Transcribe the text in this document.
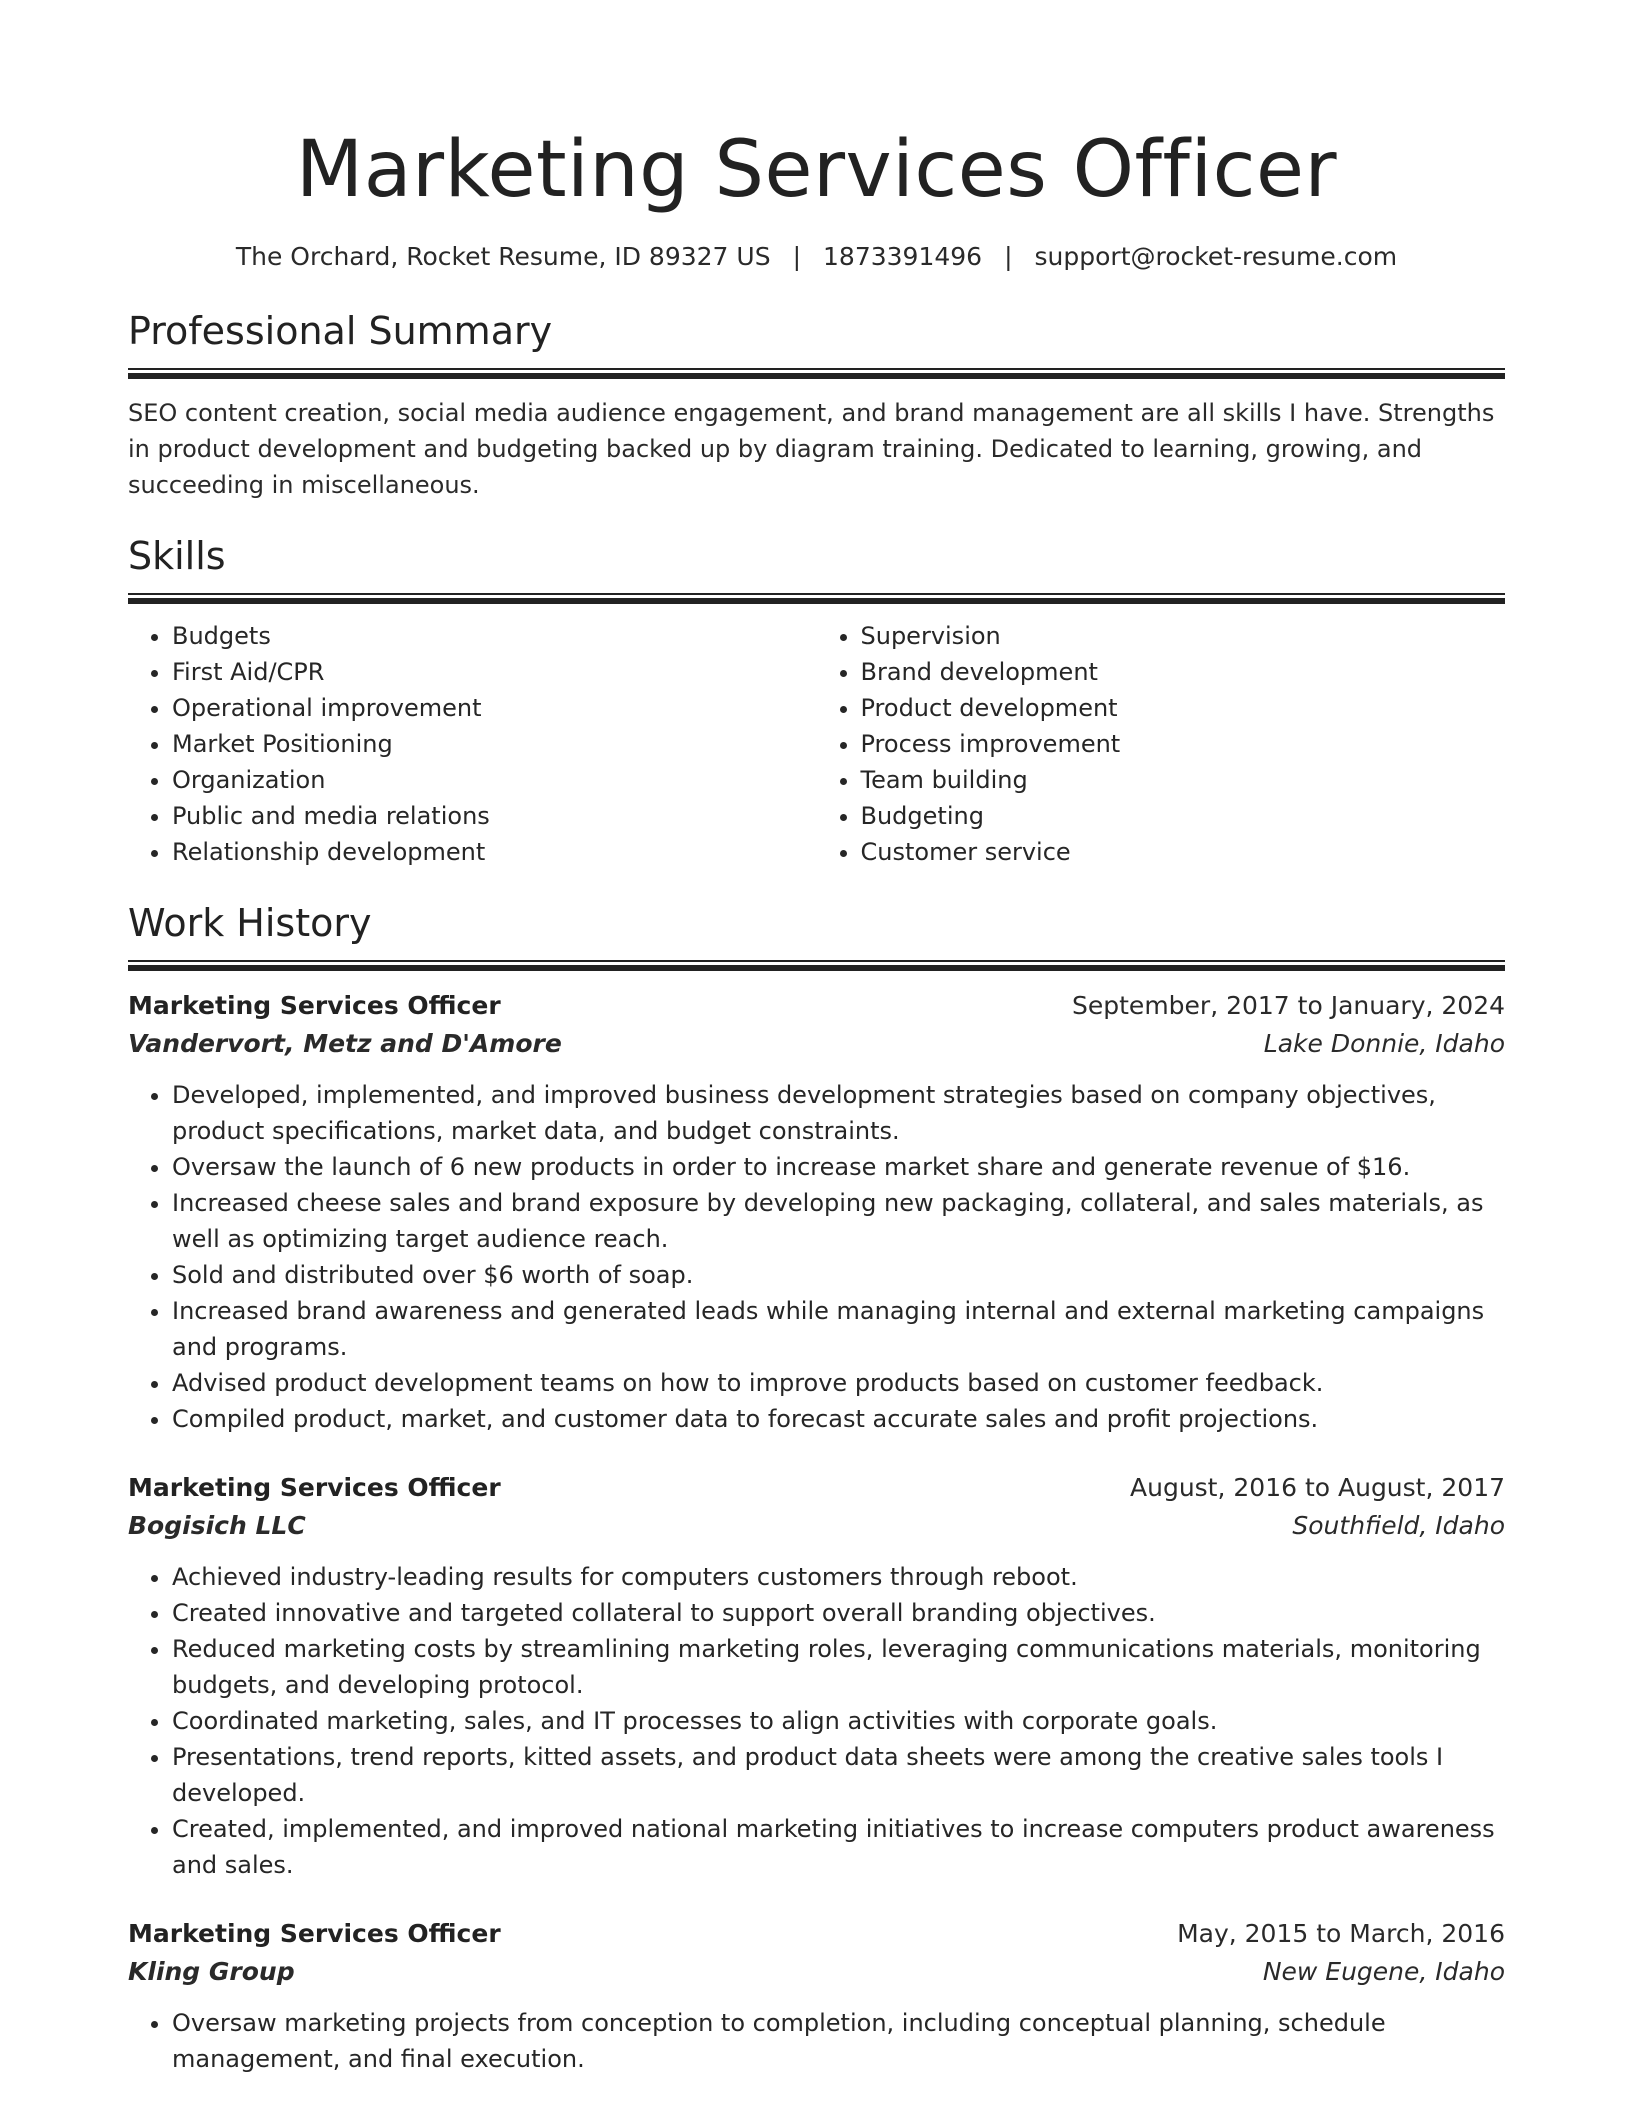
Marketing Services Officer
The Orchard, Rocket Resume, ID 89327 US | 1873391496 | support@rocket-resume.com
Professional Summary
SEO content creation, social media audience engagement, and brand management are all skills I have. Strengths in product development and budgeting backed up by diagram training. Dedicated to learning, growing, and succeeding in miscellaneous.
Skills
• Budgets
• First Aid/CPR
• Operational improvement
• Market Positioning
• Organization
• Public and media relations
• Relationship development
• Supervision
• Brand development
• Product development
• Process improvement
• Team building
• Budgeting
• Customer service
Work History
Marketing Services Officer	September, 2017 to January, 2024
Vandervort, Metz and D'Amore	Lake Donnie, Idaho
• Developed, implemented, and improved business development strategies based on company objectives, product specifications, market data, and budget constraints.
• Oversaw the launch of 6 new products in order to increase market share and generate revenue of $16.
• Increased cheese sales and brand exposure by developing new packaging, collateral, and sales materials, as well as optimizing target audience reach.
• Sold and distributed over $6 worth of soap.
• Increased brand awareness and generated leads while managing internal and external marketing campaigns and programs.
• Advised product development teams on how to improve products based on customer feedback.
• Compiled product, market, and customer data to forecast accurate sales and profit projections.
Marketing Services Officer	August, 2016 to August, 2017
Bogisich LLC	Southfield, Idaho
• Achieved industry-leading results for computers customers through reboot.
• Created innovative and targeted collateral to support overall branding objectives.
• Reduced marketing costs by streamlining marketing roles, leveraging communications materials, monitoring budgets, and developing protocol.
• Coordinated marketing, sales, and IT processes to align activities with corporate goals.
• Presentations, trend reports, kitted assets, and product data sheets were among the creative sales tools I developed.
• Created, implemented, and improved national marketing initiatives to increase computers product awareness and sales.
Marketing Services Officer	May, 2015 to March, 2016
Kling Group	New Eugene, Idaho
• Oversaw marketing projects from conception to completion, including conceptual planning, schedule management, and final execution.
